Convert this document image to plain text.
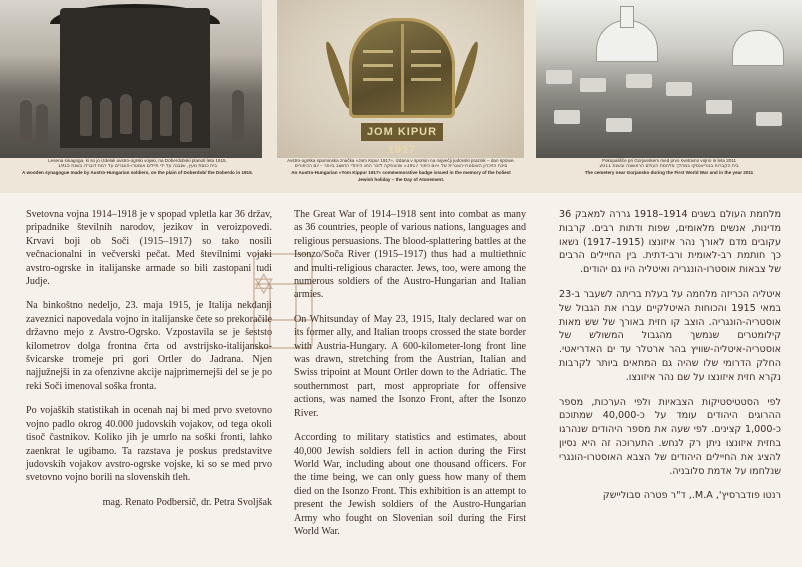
JOM KIPUR 1917
Lesena sinagoga, ki so jo izdelali avstro-ogrski vojaki, na Doberdobski planoti leta 1915.
בית כנסת מעץ, שנבנה על ידי חיילים אוסטרו-הונגרים על רמת דוברדו בשנת 1915
A wooden synagogue made by Austro-Hungarian soldiers, on the plain of Doberdob/ the Doberdo in 1915.
Avstro-ogrska spominska značka »Jom Kipur 1917«, izdana v spomin na največji judovski praznik – dan sprave.
סיכת הזיכרון האוסטרו-הונגרית של »יום כיפור 1917« שהונפקה לזכר החג היהודי החשוב ביותר – יום הכיפורים
An Austro-Hungarian »Yom Kippur 1917« commemorative badge issued in the memory of the holiest
Jewish holiday – the Day of Atonement.
Pokopališče pri Gorjanskem med prvo svetovno vojno in leta 2011
בית הקברות בגוריאנסקו במהלך מלחמת העולם הראשונה ובשנת 2011
The cemetery near Gorjansko during the First World War and in the year 2011
✡

Svetovna vojna 1914–1918 je v spopad vpletla kar 36 držav, pripadnike številnih narodov, jezikov in veroizpovedi. Krvavi boji ob Soči (1915–1917) so tako nosili večnacionalni in večverski pečat. Med številnimi vojaki avstro-ogrske in italijanske armade so bili zastopani tudi Judje.

Na binkoštno nedeljo, 23. maja 1915, je Italija nekdanji zaveznici napovedala vojno in italijanske čete so prekoračile državno mejo z Avstro-Ogrsko. Vzpostavila se je šeststo kilometrov dolga frontna črta od avstrijsko-italijansko-švicarske tromeje pri gori Ortler do Jadrana. Njen najjužnejši in za ofenzivne akcije najprimernejši del se je po reki Soči imenoval soška fronta.

Po vojaških statistikah in ocenah naj bi med prvo svetovno vojno padlo okrog 40.000 judovskih vojakov, od tega okoli tisoč častnikov. Koliko jih je umrlo na soški fronti, lahko zaenkrat le ugibamo. Ta razstava je poskus predstavitve judovskih vojakov avstro-ogrske vojske, ki so se med prvo svetovno vojno borili na slovenskih tleh.

mag. Renato Podbersič, dr. Petra Svoljšak

The Great War of 1914–1918 sent into combat as many as 36 countries, people of various nations, languages and religious persuasions. The blood-splattering battles at the Isonzo/Soča River (1915–1917) thus had a multiethnic and multi-religious character. Jews, too, were among the numerous soldiers of the Austro-Hungarian and Italian armies.

On Whitsunday of May 23, 1915, Italy declared war on its former ally, and Italian troops crossed the state border with Austria-Hungary. A 600-kilometer-long front line was drawn, stretching from the Austrian, Italian and Swiss tripoint at Mount Ortler down to the Adriatic. The southernmost part, most appropriate for offensive actions, was named the Isonzo Front, after the Isonzo River.

According to military statistics and estimates, about 40,000 Jewish soldiers fell in action during the First World War, including about one thousand officers. For the time being, we can only guess how many of them died on the Isonzo Front. This exhibition is an attempt to present the Jewish soldiers of the Austro-Hungarian Army who fought on Slovenian soil during the First World War.

מלחמת העולם בשנים 1914–1918 גררה למאבק 36 מדינות, אנשים מלאומים, שפות ודתות רבים. קרבות עקובים מדם לאורך נהר איזונצו (1915–1917) נשאו כך חותמת רב-לאומית ורב-דתית. בין החיילים הרבים של צבאות אוסטרו-הונגריה ואיטליה היו גם יהודים.

איטליה הכריזה מלחמה על בעלת בריתה לשעבר ב-23 במאי 1915 והכוחות האיטלקיים עברו את הגבול של אוסטריה-הונגריה. הוצב קו חזית באורך של שש מאות קילומטרים שנמשך מהגבול המשולש של אוסטריה-איטליה-שוויץ בהר ארטלר עד ים האדריאטי. החלק הדרומי שלו שהיה גם המתאים ביותר לקרבות נקרא חזית איזונצו על שם נהר איזונצו.

לפי הסטטיסטיקות הצבאיות ולפי הערכות, מספר ההרוגים היהודים עומד על כ-40,000 שמתוכם כ-1,000 קצינים. לפי שעה את מספר היהודים שנהרגו בחזית איזונצו ניתן רק לנחש. התערוכה זה היא נסיון להציג את החיילים היהודים של הצבא האוסטרו-הונגרי שנלחמו על אדמת סלובניה.

רנטו פודברסיץ', M.A., ד"ר פטרה סבוליישק
